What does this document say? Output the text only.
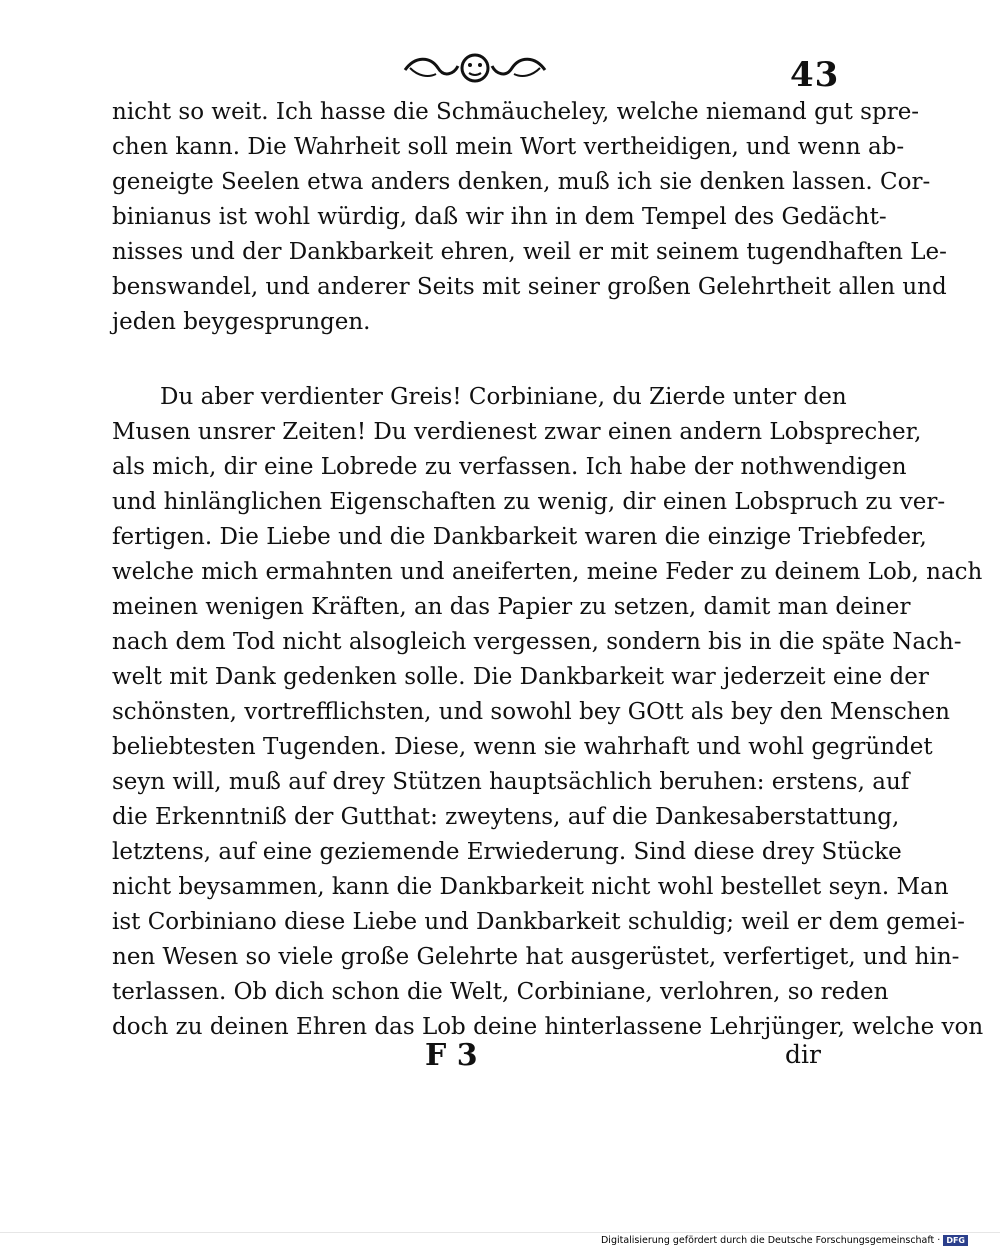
43
nicht so weit. Ich hasse die Schmäucheley, welche niemand gut spre-
chen kann. Die Wahrheit soll mein Wort vertheidigen, und wenn ab-
geneigte Seelen etwa anders denken, muß ich sie denken lassen. Cor-
binianus ist wohl würdig, daß wir ihn in dem Tempel des Gedächt-
nisses und der Dankbarkeit ehren, weil er mit seinem tugendhaften Le-
benswandel, und anderer Seits mit seiner großen Gelehrtheit allen und
jeden beygesprungen.
Du aber verdienter Greis! Corbiniane, du Zierde unter den
Musen unsrer Zeiten! Du verdienest zwar einen andern Lobsprecher,
als mich, dir eine Lobrede zu verfassen. Ich habe der nothwendigen
und hinlänglichen Eigenschaften zu wenig, dir einen Lobspruch zu ver-
fertigen. Die Liebe und die Dankbarkeit waren die einzige Triebfeder,
welche mich ermahnten und aneiferten, meine Feder zu deinem Lob, nach
meinen wenigen Kräften, an das Papier zu setzen, damit man deiner
nach dem Tod nicht alsogleich vergessen, sondern bis in die späte Nach-
welt mit Dank gedenken solle. Die Dankbarkeit war jederzeit eine der
schönsten, vortrefflichsten, und sowohl bey GOtt als bey den Menschen
beliebtesten Tugenden. Diese, wenn sie wahrhaft und wohl gegründet
seyn will, muß auf drey Stützen hauptsächlich beruhen: erstens, auf
die Erkenntniß der Gutthat: zweytens, auf die Dankesaberstattung,
letztens, auf eine geziemende Erwiederung. Sind diese drey Stücke
nicht beysammen, kann die Dankbarkeit nicht wohl bestellet seyn. Man
ist Corbiniano diese Liebe und Dankbarkeit schuldig; weil er dem gemei-
nen Wesen so viele große Gelehrte hat ausgerüstet, verfertiget, und hin-
terlassen. Ob dich schon die Welt, Corbiniane, verlohren, so reden
doch zu deinen Ehren das Lob deine hinterlassene Lehrjünger, welche von
F 3	dir
Digitalisierung gefördert durch die Deutsche Forschungsgemeinschaft · DFG
